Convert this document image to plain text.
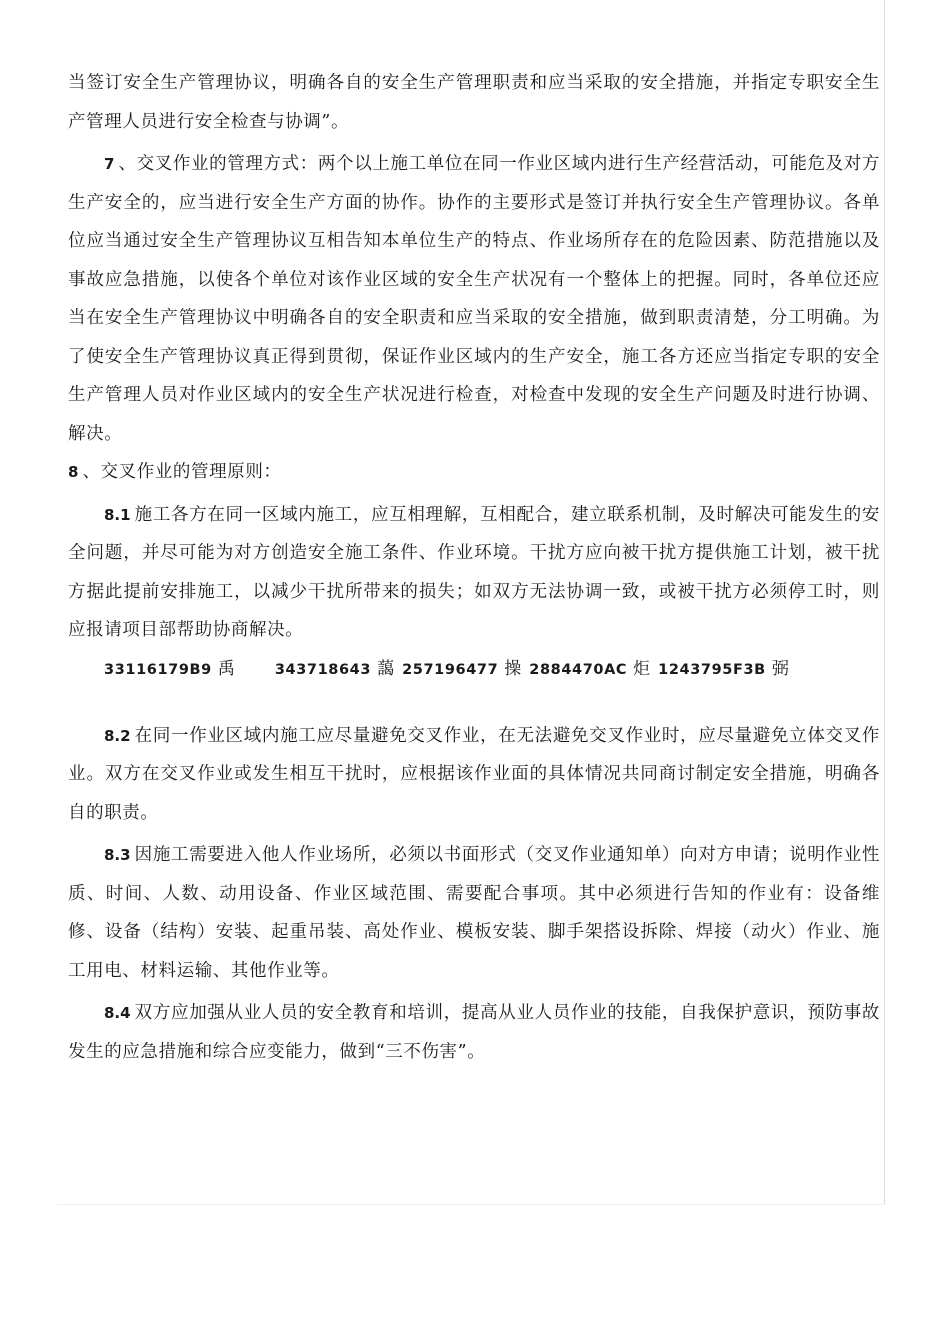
当签订安全生产管理协议，明确各自的安全生产管理职责和应当采取的安全措施，并指定专职安全生产管理人员进行安全检查与协调”。

7 、交叉作业的管理方式：两个以上施工单位在同一作业区域内进行生产经营活动，可能危及对方生产安全的，应当进行安全生产方面的协作。协作的主要形式是签订并执行安全生产管理协议。各单位应当通过安全生产管理协议互相告知本单位生产的特点、作业场所存在的危险因素、防范措施以及事故应急措施，以使各个单位对该作业区域的安全生产状况有一个整体上的把握。同时，各单位还应当在安全生产管理协议中明确各自的安全职责和应当采取的安全措施，做到职责清楚，分工明确。为了使安全生产管理协议真正得到贯彻，保证作业区域内的生产安全，施工各方还应当指定专职的安全生产管理人员对作业区域内的安全生产状况进行检查，对检查中发现的安全生产问题及时进行协调、解决。

8 、交叉作业的管理原则：

8.1 施工各方在同一区域内施工，应互相理解，互相配合，建立联系机制，及时解决可能发生的安全问题，并尽可能为对方创造安全施工条件、作业环境。干扰方应向被干扰方提供施工计划，被干扰方据此提前安排施工，以减少干扰所带来的损失；如双方无法协调一致，或被干扰方必须停工时，则应报请项目部帮助协商解决。

33116179B9 禹	343718643 藹 257196477 操 2884470AC 炬 1243795F3B 弼

8.2 在同一作业区域内施工应尽量避免交叉作业，在无法避免交叉作业时，应尽量避免立体交叉作业。双方在交叉作业或发生相互干扰时，应根据该作业面的具体情况共同商讨制定安全措施，明确各自的职责。

8.3 因施工需要进入他人作业场所，必须以书面形式（交叉作业通知单）向对方申请；说明作业性质、时间、人数、动用设备、作业区域范围、需要配合事项。其中必须进行告知的作业有：设备维修、设备（结构）安装、起重吊装、高处作业、模板安装、脚手架搭设拆除、焊接（动火）作业、施工用电、材料运输、其他作业等。

8.4 双方应加强从业人员的安全教育和培训，提高从业人员作业的技能，自我保护意识，预防事故发生的应急措施和综合应变能力，做到“三不伤害”。
